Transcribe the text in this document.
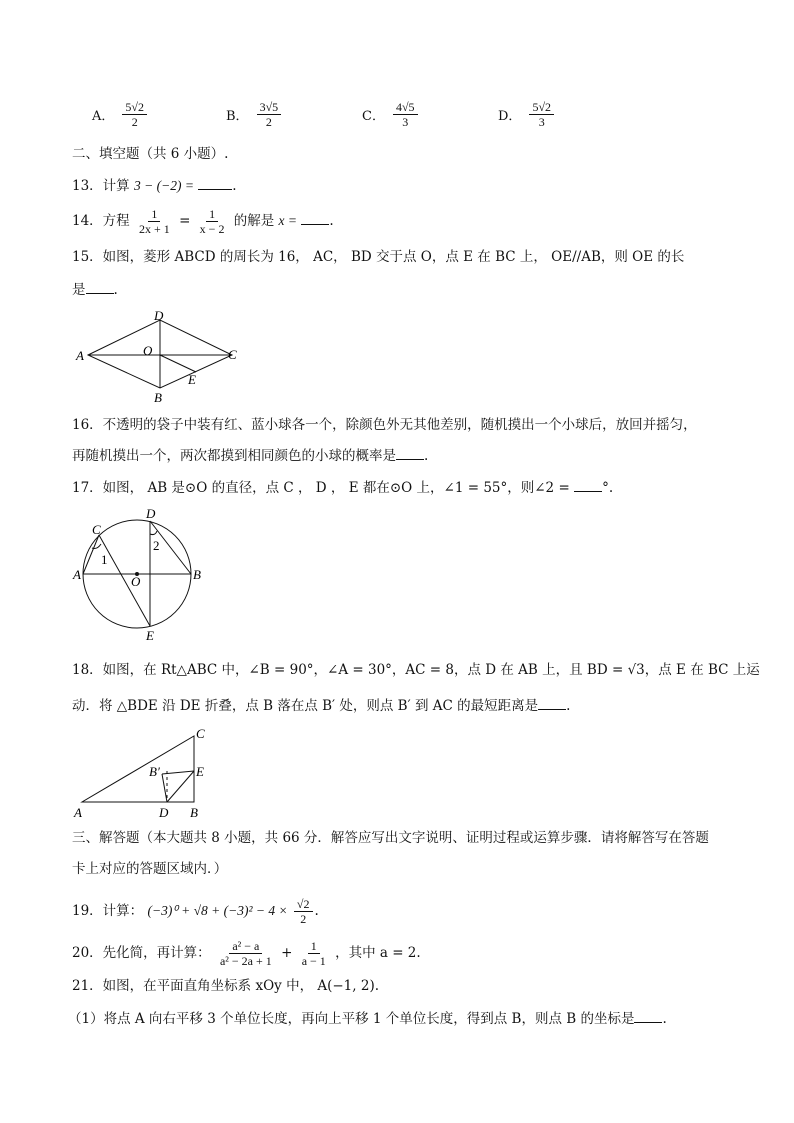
A． $\frac{5√2}{2}$	B． $\frac{3√5}{2}$	C． $\frac{4√5}{3}$	D． $\frac{5√2}{3}$
二、填空题（共 6 小题）.
13．计算 3 − (−2) =	.
14．方程 $\frac{1}{2x + 1} = \frac{1}{x - 2}$ 的解是 x = .
15．如图，菱形 ABCD 的周长为 16， AC， BD 交于点 O，点 E 在 BC 上， OE//AB，则 OE 的长
是 .
A
D
C
B
O
E
16．不透明的袋子中装有红、蓝小球各一个，除颜色外无其他差别，随机摸出一个小球后，放回并摇匀，
再随机摸出一个，两次都摸到相同颜色的小球的概率是 .
17．如图， AB 是⊙O 的直径，点 C ， D ， E 都在⊙O 上，∠1 = 55°，则∠2 = °.
C
D
A	B
O
E
1
2
18．如图，在 Rt△ABC 中，∠B = 90°，∠A = 30°，AC = 8，点 D 在 AB 上，且 BD = √3，点 E 在 BC 上运
动．将 △BDE 沿 DE 折叠，点 B 落在点 B′ 处，则点 B′ 到 AC 的最短距离是 .
A	D B
C
E
B′
三、解答题（本大题共 8 小题，共 66 分．解答应写出文字说明、证明过程或运算步骤．请将解答写在答题
卡上对应的答题区域内．）
19．计算： $(-3)^0 + √8 + (-3)^2 - 4 \times \frac{√2}{2}$ .
20．先化简，再计算： $\frac{\text{a² − a}}{\text{a² − 2a + 1}} + \frac{1}{a - 1}$ ，其中 a = 2.
21．如图，在平面直角坐标系 xOy 中， A(−1, 2).
（1）将点 A 向右平移 3 个单位长度，再向上平移 1 个单位长度，得到点 B，则点 B 的坐标是 .
